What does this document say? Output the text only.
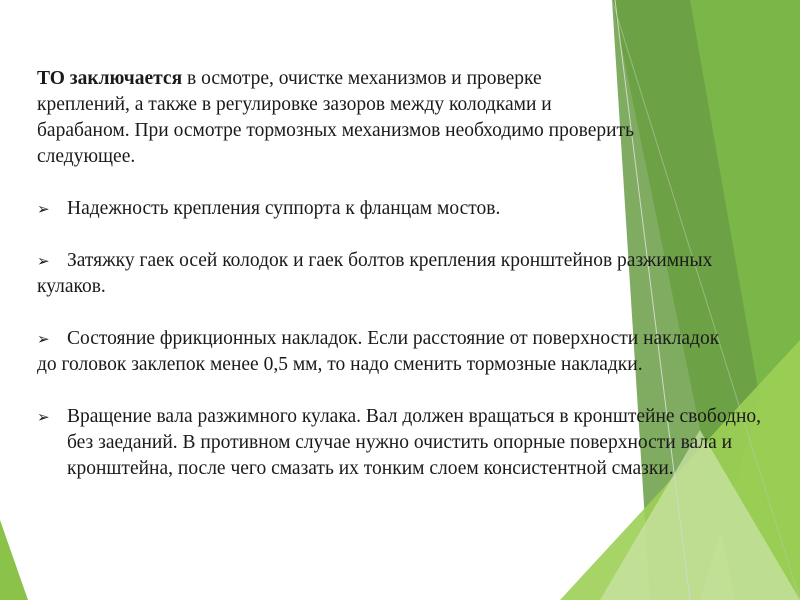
ТО заключается в осмотре, очистке механизмов и проверке креплений, а также в регулировке зазоров между колодками и барабаном. При осмотре тормозных механизмов необходимо проверить следующее.

➢ Надежность крепления суппорта к фланцам мостов.

➢ Затяжку гаек осей колодок и гаек болтов крепления кронштейнов разжимных кулаков.

➢ Состояние фрикционных накладок. Если расстояние от поверхности накладок до головок заклепок менее 0,5 мм, то надо сменить тормозные накладки.

➢ Вращение вала разжимного кулака. Вал должен вращаться в кронштейне свободно, без заеданий. В противном случае нужно очистить опорные поверхности вала и кронштейна, после чего смазать их тонким слоем консистентной смазки.
